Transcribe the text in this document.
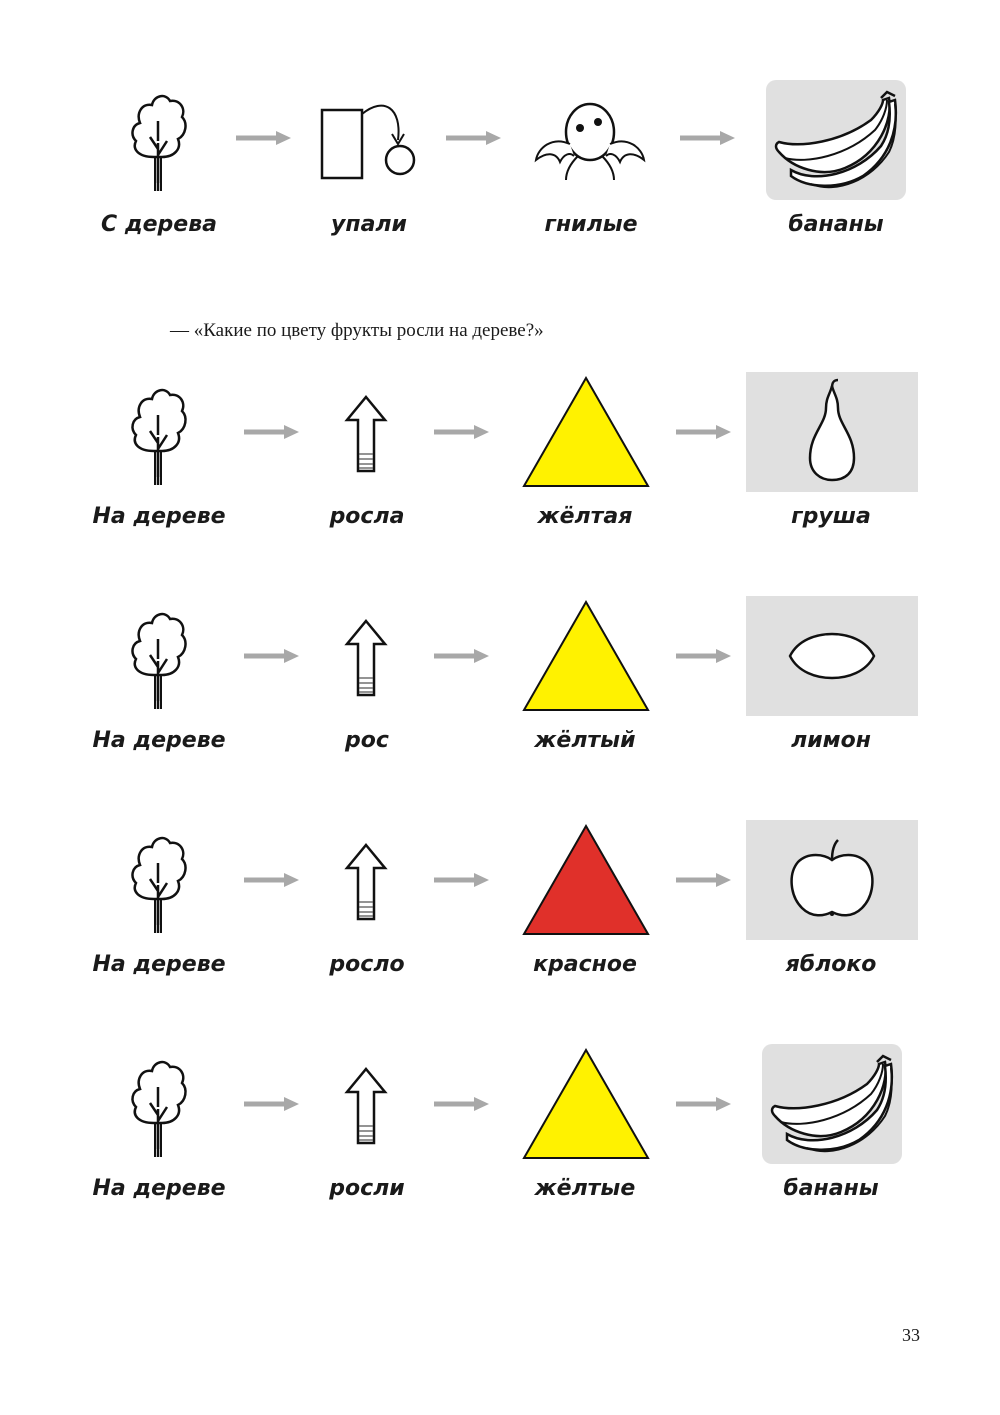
С дерева	упали	гнилые	бананы
— «Какие по цвету фрукты росли на дереве?»
На дереве	росла	жёлтая	груша
На дереве	рос	жёлтый	лимон
На дереве	росло	красное	яблоко
На дереве	росли	жёлтые	бананы
33
